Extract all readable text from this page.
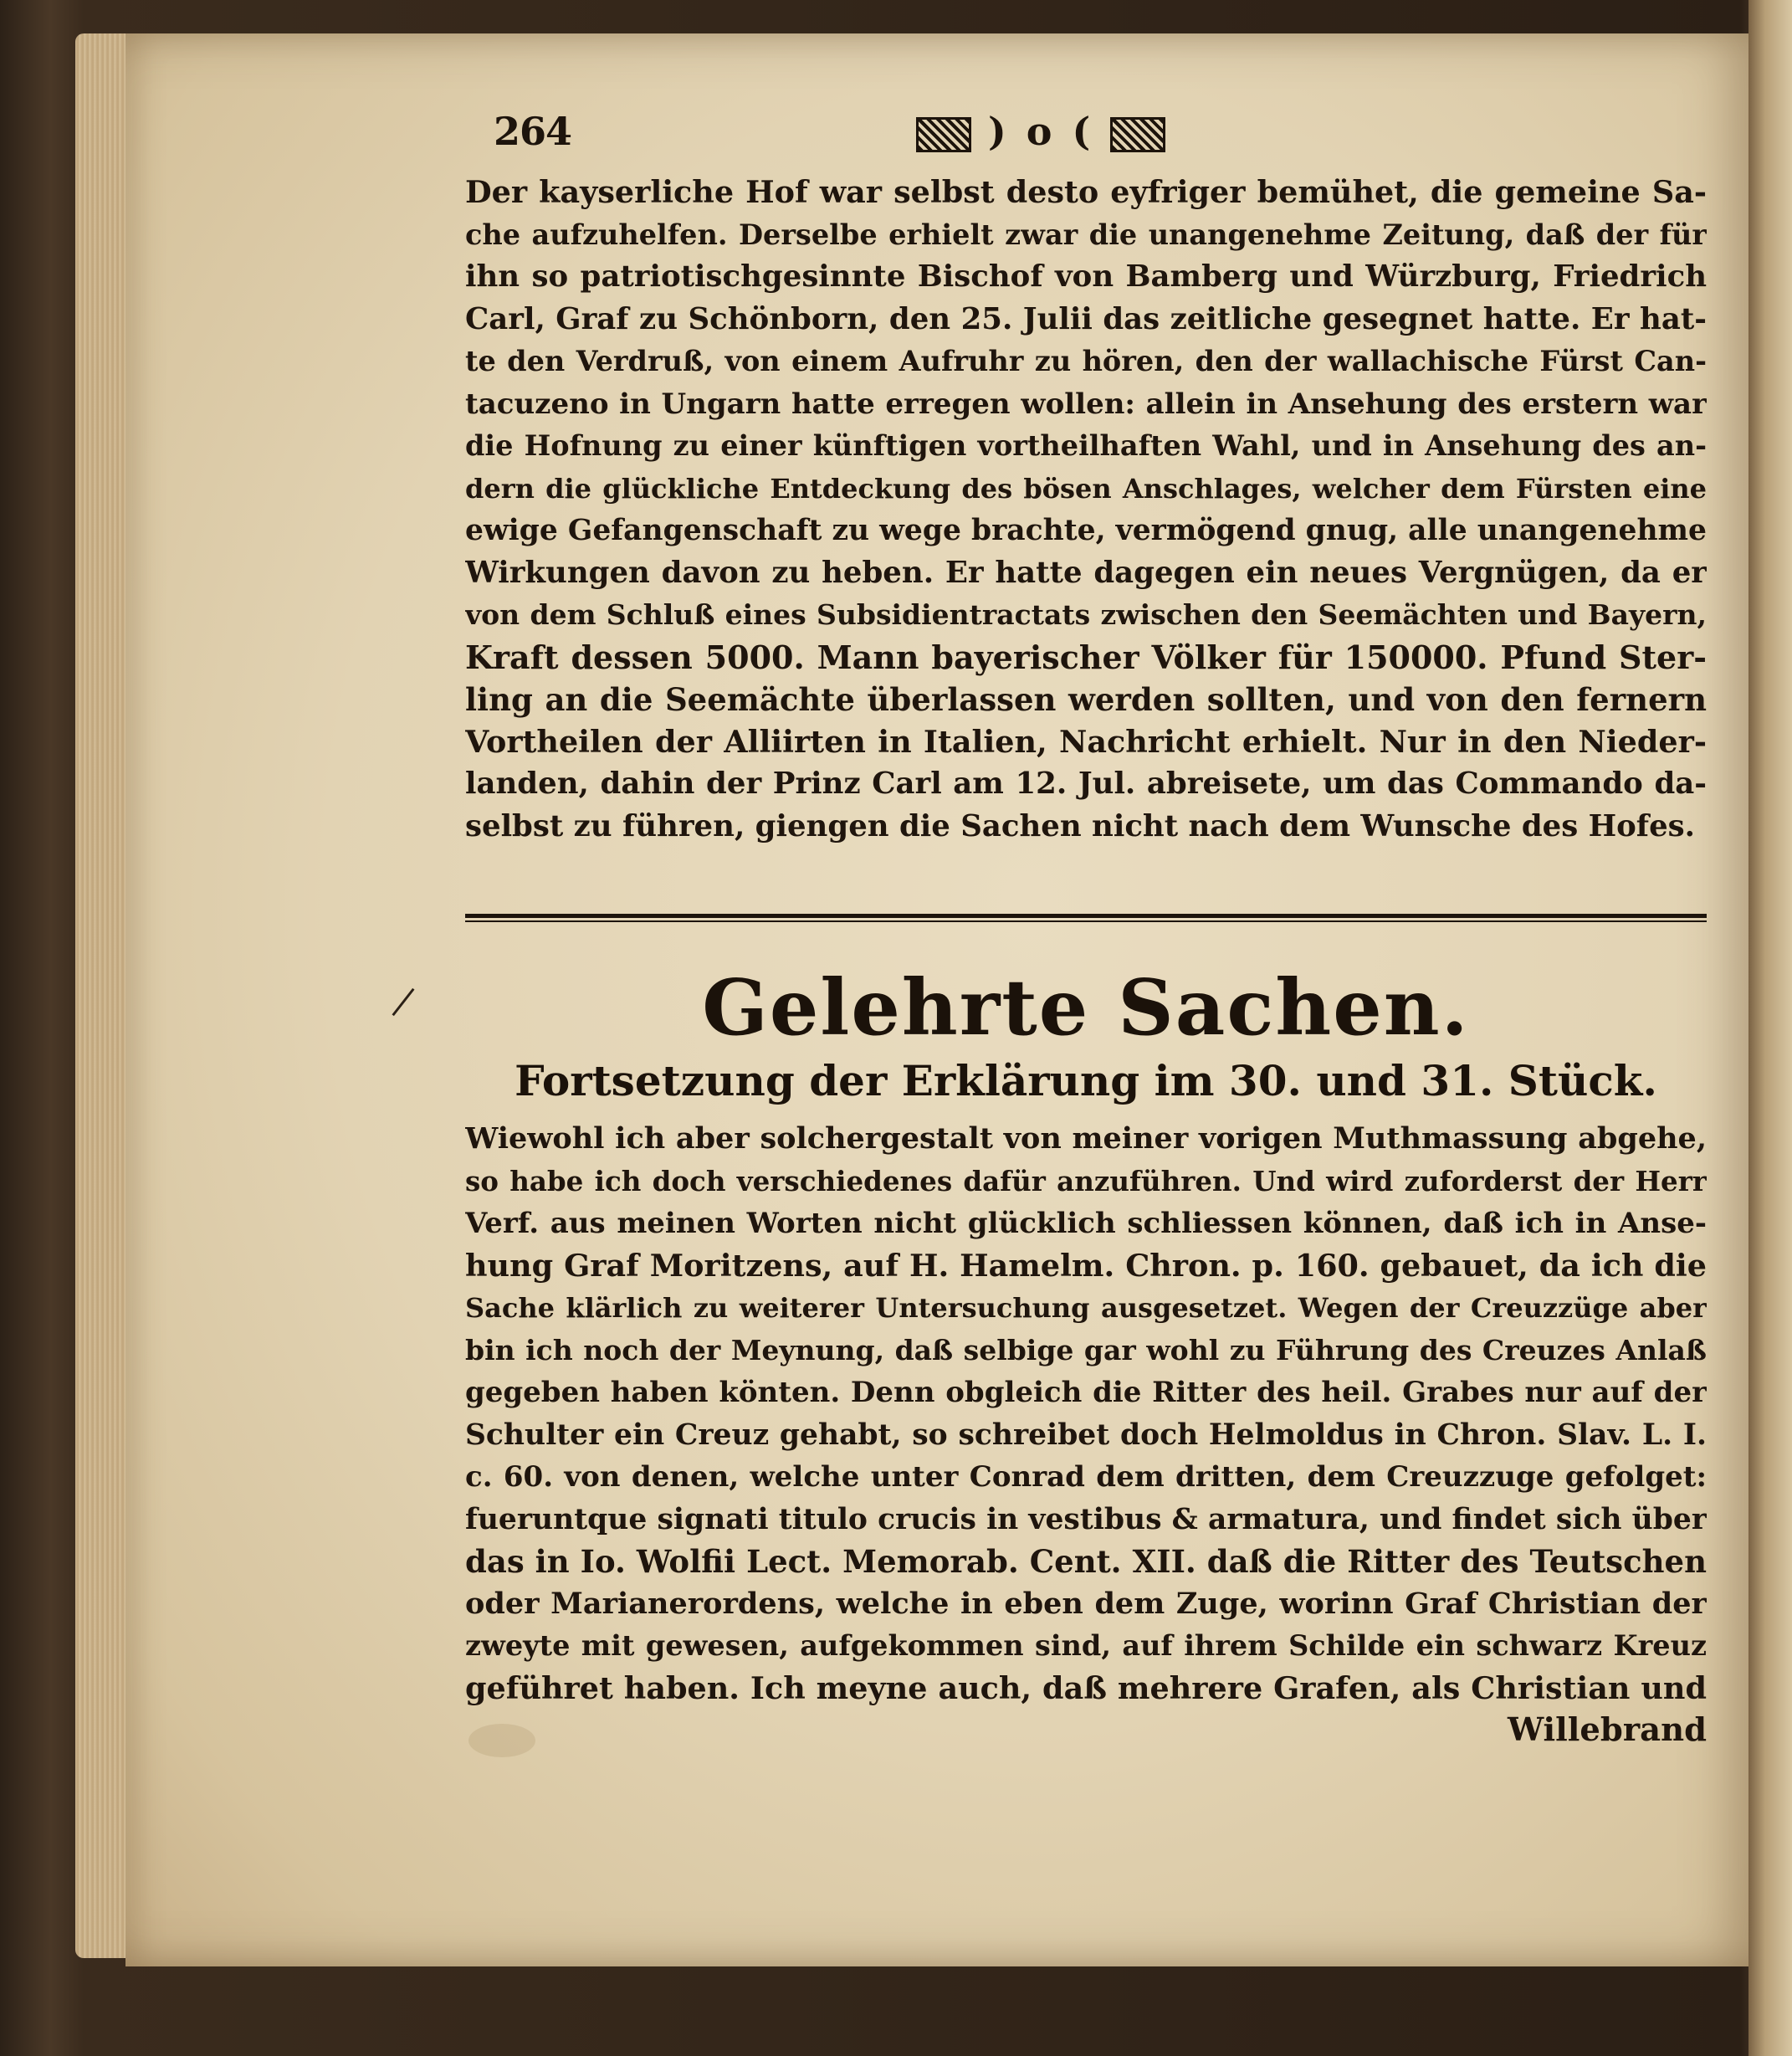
264	) o (
Der kayserliche Hof war selbst desto eyfriger bemühet, die gemeine Sa-
che aufzuhelfen. Derselbe erhielt zwar die unangenehme Zeitung, daß der für
ihn so patriotischgesinnte Bischof von Bamberg und Würzburg, Friedrich
Carl, Graf zu Schönborn, den 25. Julii das zeitliche gesegnet hatte. Er hat-
te den Verdruß, von einem Aufruhr zu hören, den der wallachische Fürst Can-
tacuzeno in Ungarn hatte erregen wollen: allein in Ansehung des erstern war
die Hofnung zu einer künftigen vortheilhaften Wahl, und in Ansehung des an-
dern die glückliche Entdeckung des bösen Anschlages, welcher dem Fürsten eine
ewige Gefangenschaft zu wege brachte, vermögend gnug, alle unangenehme
Wirkungen davon zu heben. Er hatte dagegen ein neues Vergnügen, da er
von dem Schluß eines Subsidientractats zwischen den Seemächten und Bayern,
Kraft dessen 5000. Mann bayerischer Völker für 150000. Pfund Ster-
ling an die Seemächte überlassen werden sollten, und von den fernern
Vortheilen der Alliirten in Italien, Nachricht erhielt. Nur in den Nieder-
landen, dahin der Prinz Carl am 12. Jul. abreisete, um das Commando da-
selbst zu führen, giengen die Sachen nicht nach dem Wunsche des Hofes.
Gelehrte Sachen.
Fortsetzung der Erklärung im 30. und 31. Stück.
Wiewohl ich aber solchergestalt von meiner vorigen Muthmassung abgehe,
so habe ich doch verschiedenes dafür anzuführen. Und wird zuforderst der Herr
Verf. aus meinen Worten nicht glücklich schliessen können, daß ich in Anse-
hung Graf Moritzens, auf H. Hamelm. Chron. p. 160. gebauet, da ich die
Sache klärlich zu weiterer Untersuchung ausgesetzet. Wegen der Creuzzüge aber
bin ich noch der Meynung, daß selbige gar wohl zu Führung des Creuzes Anlaß
gegeben haben könten. Denn obgleich die Ritter des heil. Grabes nur auf der
Schulter ein Creuz gehabt, so schreibet doch Helmoldus in Chron. Slav. L. I.
c. 60. von denen, welche unter Conrad dem dritten, dem Creuzzuge gefolget:
fueruntque signati titulo crucis in vestibus & armatura, und findet sich über
das in Io. Wolfii Lect. Memorab. Cent. XII. daß die Ritter des Teutschen
oder Marianerordens, welche in eben dem Zuge, worinn Graf Christian der
zweyte mit gewesen, aufgekommen sind, auf ihrem Schilde ein schwarz Kreuz
geführet haben. Ich meyne auch, daß mehrere Grafen, als Christian und
Willebrand
